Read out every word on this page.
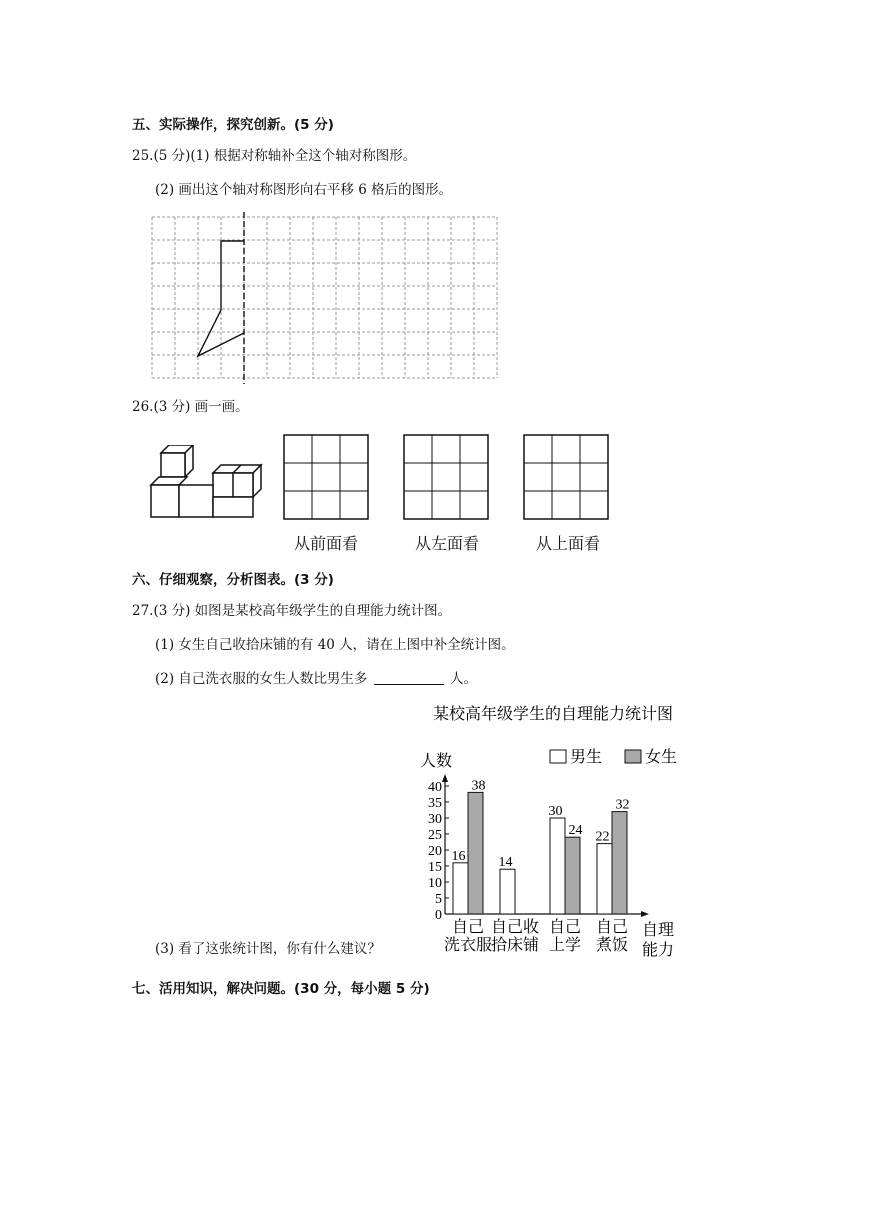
五、实际操作，探究创新。(5 分)
25.(5 分)(1) 根据对称轴补全这个轴对称图形。
(2) 画出这个轴对称图形向右平移 6 格后的图形。
26.(3 分) 画一画。
从前面看	从左面看	从上面看
六、仔细观察，分析图表。(3 分)
27.(3 分) 如图是某校高年级学生的自理能力统计图。
(1) 女生自己收拾床铺的有 40 人，请在上图中补全统计图。
(2) 自己洗衣服的女生人数比男生多	人。
某校高年级学生的自理能力统计图
人数	男生	女生
0
5
10
15
20
25
30
35
40
16
38
自己
洗衣服
14
自己收
拾床铺
30
24
自己
上学
22
32
自己
煮饭
自理
能力
(3) 看了这张统计图，你有什么建议？
七、活用知识，解决问题。(30 分，每小题 5 分)
